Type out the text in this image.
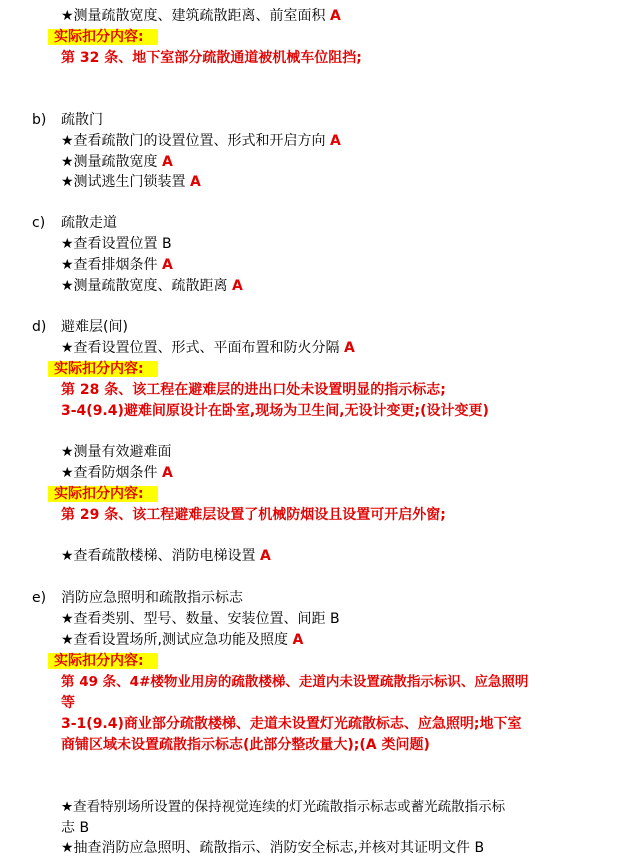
★测量疏散宽度、建筑疏散距离、前室面积 A
实际扣分内容:
第 32 条、地下室部分疏散通道被机械车位阻挡;
b) 疏散门
★查看疏散门的设置位置、形式和开启方向 A
★测量疏散宽度 A
★测试逃生门锁装置 A
c) 疏散走道
★查看设置位置 B
★查看排烟条件 A
★测量疏散宽度、疏散距离 A
d) 避难层(间)
★查看设置位置、形式、平面布置和防火分隔 A
实际扣分内容:
第 28 条、该工程在避难层的进出口处未设置明显的指示标志;
3-4(9.4)避难间原设计在卧室,现场为卫生间,无设计变更;(设计变更)
★测量有效避难面
★查看防烟条件 A
实际扣分内容:
第 29 条、该工程避难层设置了机械防烟设且设置可开启外窗;
★查看疏散楼梯、消防电梯设置 A
e) 消防应急照明和疏散指示标志
★查看类别、型号、数量、安装位置、间距 B
★查看设置场所,测试应急功能及照度 A
实际扣分内容:
第 49 条、4#楼物业用房的疏散楼梯、走道内未设置疏散指示标识、应急照明
等
3-1(9.4)商业部分疏散楼梯、走道未设置灯光疏散标志、应急照明;地下室
商铺区域未设置疏散指示标志(此部分整改量大);(A 类问题)
★查看特别场所设置的保持视觉连续的灯光疏散指示标志或蓄光疏散指示标
志 B
★抽查消防应急照明、疏散指示、消防安全标志,并核对其证明文件 B
